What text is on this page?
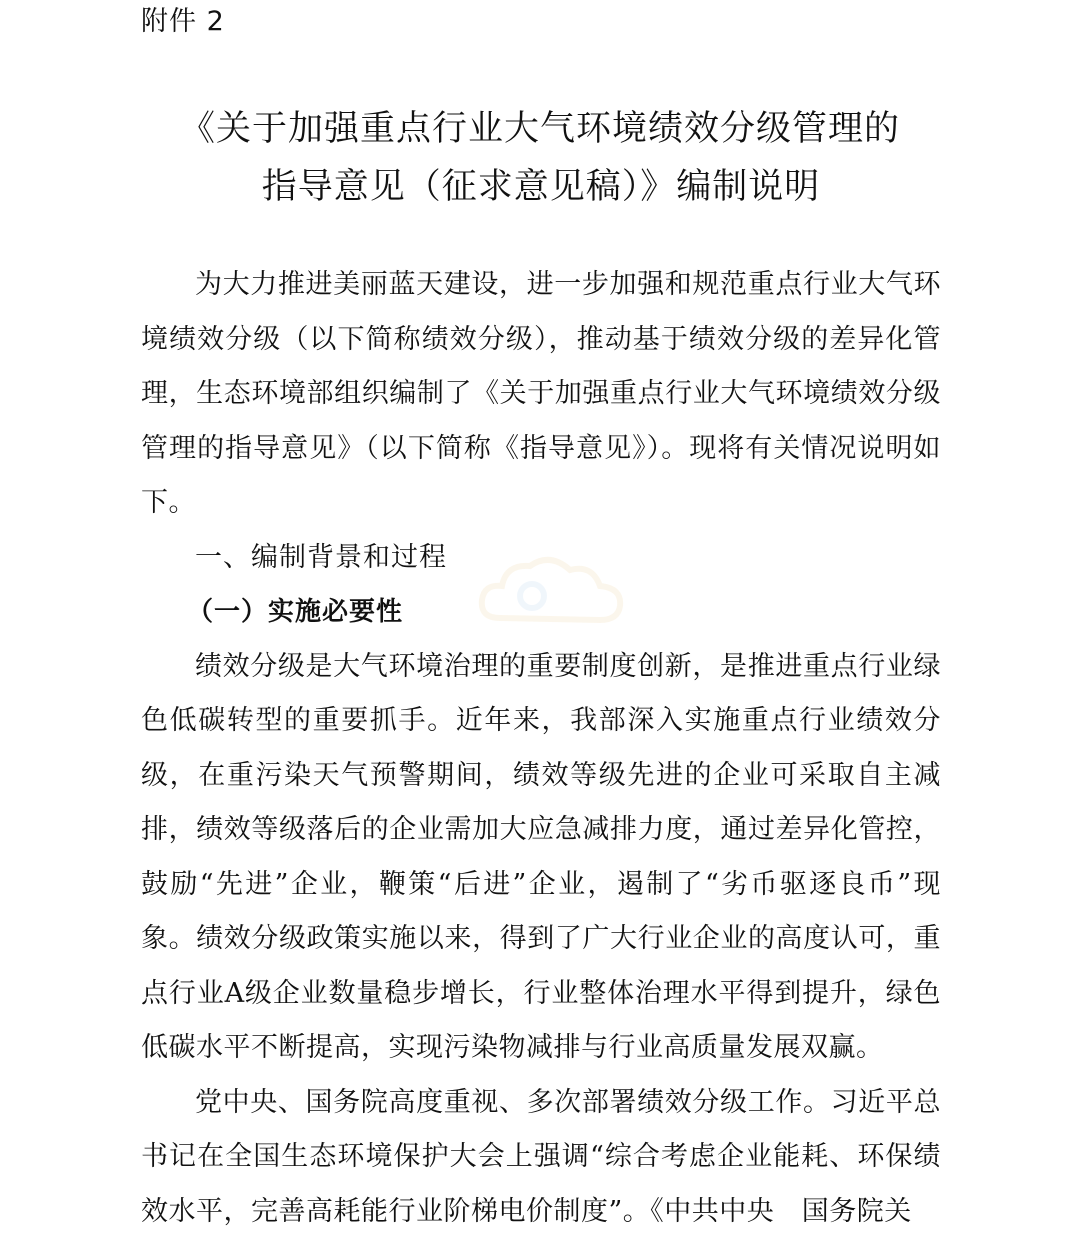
附件 2
《关于加强重点行业大气环境绩效分级管理的
指导意见（征求意见稿）》编制说明

为大力推进美丽蓝天建设，进一步加强和规范重点行业大气环境绩效分级（以下简称绩效分级），推动基于绩效分级的差异化管理，生态环境部组织编制了《关于加强重点行业大气环境绩效分级管理的指导意见》（以下简称《指导意见》）。现将有关情况说明如下。

一、编制背景和过程
（一）实施必要性

绩效分级是大气环境治理的重要制度创新，是推进重点行业绿色低碳转型的重要抓手。近年来，我部深入实施重点行业绩效分级，在重污染天气预警期间，绩效等级先进的企业可采取自主减排，绩效等级落后的企业需加大应急减排力度，通过差异化管控，鼓励“先进”企业，鞭策“后进”企业，遏制了“劣币驱逐良币”现象。绩效分级政策实施以来，得到了广大行业企业的高度认可，重点行业A级企业数量稳步增长，行业整体治理水平得到提升，绿色低碳水平不断提高，实现污染物减排与行业高质量发展双赢。

党中央、国务院高度重视、多次部署绩效分级工作。习近平总书记在全国生态环境保护大会上强调“综合考虑企业能耗、环保绩效水平，完善高耗能行业阶梯电价制度”。《中共中央　国务院关
